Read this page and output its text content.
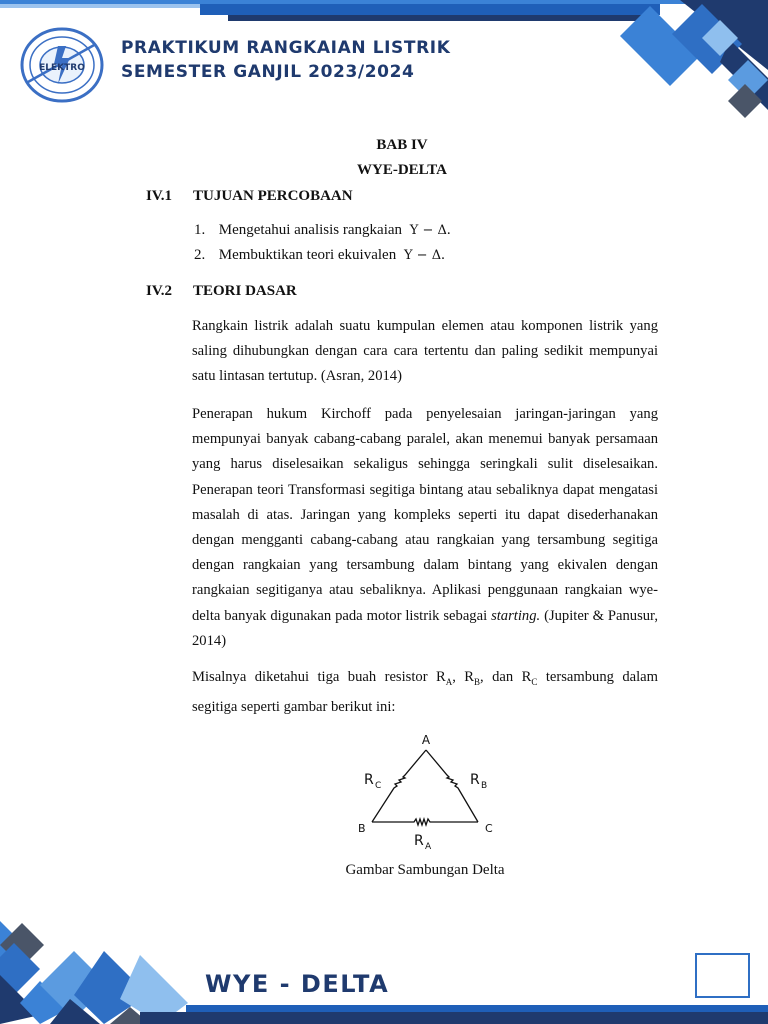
ELEKTRO
PRAKTIKUM RANGKAIAN LISTRIK
SEMESTER GANJIL 2023/2024
BAB IV
WYE-DELTA
IV.1 TUJUAN PERCOBAAN
1. Mengetahui analisis rangkaian Y − Δ.
2. Membuktikan teori ekuivalen Y − Δ.
IV.2 TEORI DASAR

Rangkain listrik adalah suatu kumpulan elemen atau komponen listrik yang saling dihubungkan dengan cara cara tertentu dan paling sedikit mempunyai satu lintasan tertutup. (Asran, 2014)

Penerapan hukum Kirchoff pada penyelesaian jaringan-jaringan yang mempunyai banyak cabang-cabang paralel, akan menemui banyak persamaan yang harus diselesaikan sekaligus sehingga seringkali sulit diselesaikan. Penerapan teori Transformasi segitiga bintang atau sebaliknya dapat mengatasi masalah di atas. Jaringan yang kompleks seperti itu dapat disederhanakan dengan mengganti cabang-cabang atau rangkaian yang tersambung segitiga dengan rangkaian yang tersambung dalam bintang yang ekivalen dengan rangkaian segitiganya atau sebaliknya. Aplikasi penggunaan rangkaian wye-delta banyak digunakan pada motor listrik sebagai starting. (Jupiter & Panusur, 2014)

Misalnya diketahui tiga buah resistor $R_A$, $R_B$, dan $R_C$ tersambung dalam segitiga seperti gambar berikut ini:

A
B	C
R C	R B
R A
Gambar Sambungan Delta
WYE - DELTA
